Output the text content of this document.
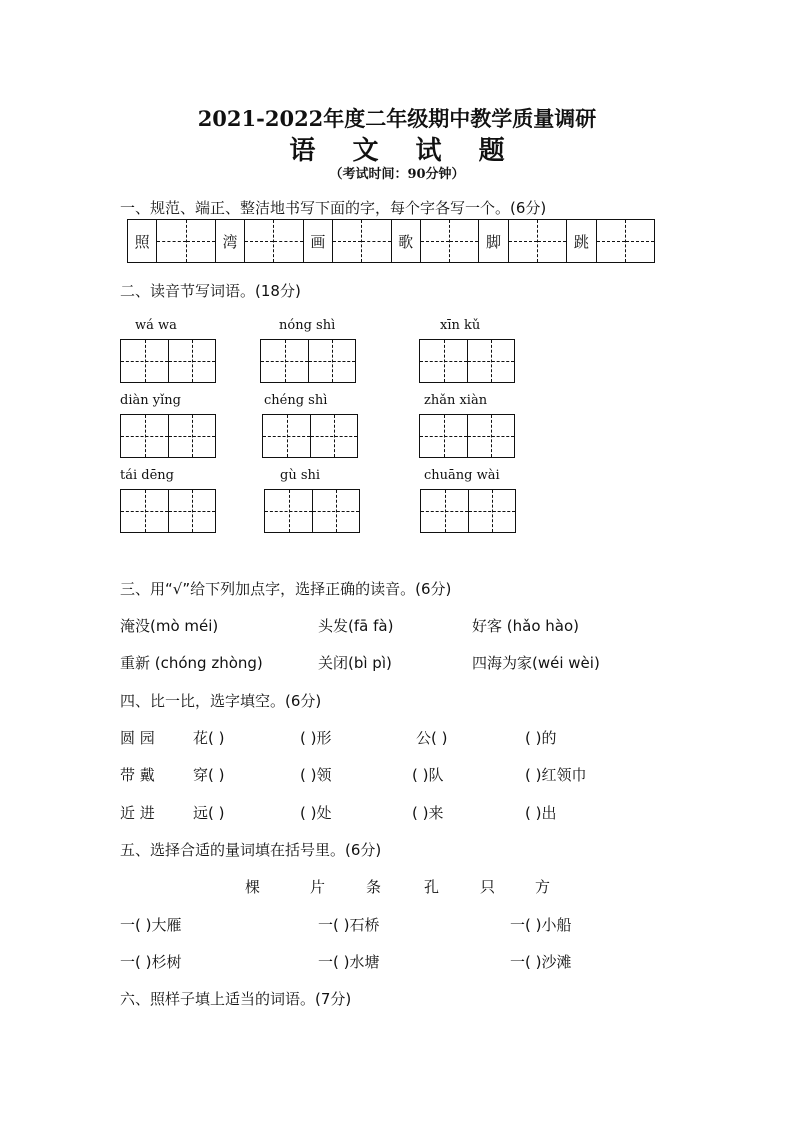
2021-2022年度二年级期中教学质量调研
语 文 试 题
（考试时间：90分钟）
一、规范、端正、整洁地书写下面的字，每个字各写一个。(6分)
照	湾	画	歌	脚	跳
二、读音节写词语。(18分)
wá wa	nóng shì	xīn kǔ
diàn yǐng	chéng shì	zhǎn xiàn
tái dēng	gù shi	chuāng wài
三、用“√”给下列加点字，选择正确的读音。(6分)
淹没(mò méi)	头发(fā fà)	好客 (hǎo hào)
重新 (chóng zhòng)	关闭(bì pì)	四海为家(wéi wèi)
四、比一比，选字填空。(6分)
圆 园	花( )	( )形	公( )	( )的
带 戴	穿( )	( )领	( )队	( )红领巾
近 进	远( )	( )处	( )来	( )出
五、选择合适的量词填在括号里。(6分)
棵	片	条	孔	只	方
一( )大雁	一( )石桥	一( )小船
一( )杉树	一( )水塘	一( )沙滩
六、照样子填上适当的词语。(7分)
